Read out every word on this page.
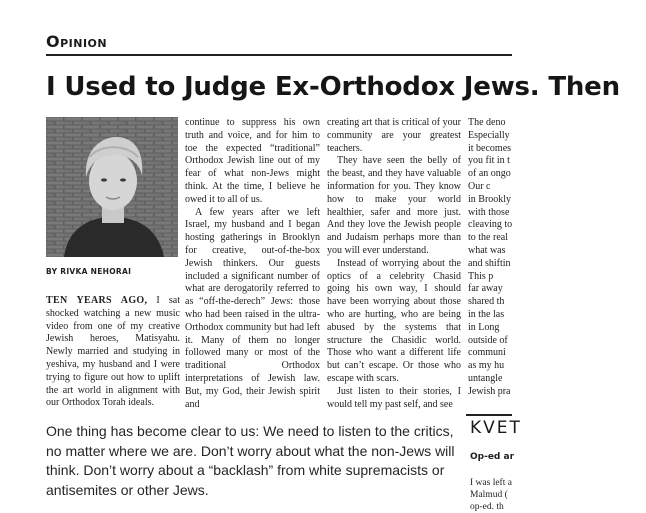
Opinion
I Used to Judge Ex-Orthodox Jews. Then
BY RIVKA NEHORAI

TEN YEARS AGO, I sat shocked watching a new music video from one of my creative Jewish heroes, Matisyahu. Newly married and studying in yeshiva, my husband and I were trying to figure out how to uplift the art world in alignment with our Orthodox Torah ideals.

continue to suppress his own truth and voice, and for him to toe the expected “traditional” Orthodox Jewish line out of my fear of what non-Jews might think. At the time, I believe he owed it to all of us.

A few years after we left Israel, my husband and I began hosting gatherings in Brooklyn for creative, out-of-the-box Jewish thinkers. Our guests included a significant number of what are derogatorily referred to as “off-the-derech” Jews: those who had been raised in the ultra-Orthodox community but had left it. Many of them no longer followed many or most of the traditional Orthodox interpretations of Jewish law. But, my God, their Jewish spirit and

creating art that is critical of your community are your greatest teachers.

They have seen the belly of the beast, and they have valuable information for you. They know how to make your world healthier, safer and more just. And they love the Jewish people and Judaism perhaps more than you will ever understand.

Instead of worrying about the optics of a celebrity Chasid going his own way, I should have been worrying about those who are hurting, who are being abused by the systems that structure the Chasidic world. Those who want a different life but can’t escape. Or those who escape with scars.

Just listen to their stories, I would tell my past self, and see

The deno

Especially

it becomes

you fit in t

of an ongo

Our c

in Brookly

with those

cleaving to

to the real

what was

and shiftin

This p

far away

shared th

in the las

in Long

outside of

communi

as my hu

untangle

Jewish pra

One thing has become clear to us: We need to listen to the critics, no matter where we are. Don’t worry about what the non-Jews will think. Don’t worry about a “backlash” from white supremacists or antisemites or other Jews.
KVET
Op-ed ar

I was left a

Malmud (

op-ed. th
